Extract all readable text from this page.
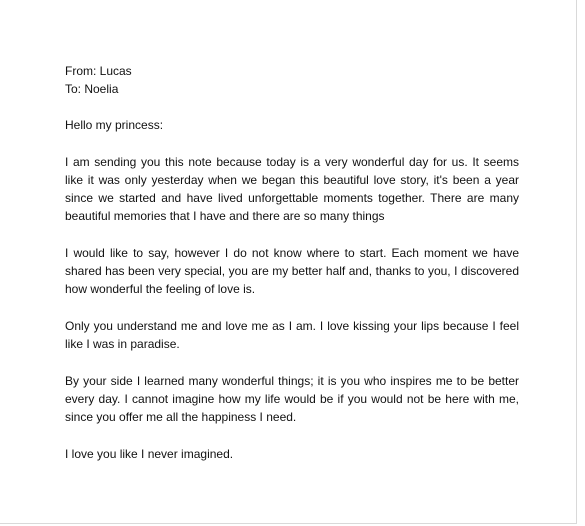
From: Lucas
To: Noelia
Hello my princess:

I am sending you this note because today is a very wonderful day for us. It seems like it was only yesterday when we began this beautiful love story, it's been a year since we started and have lived unforgettable moments together. There are many beautiful memories that I have and there are so many things

I would like to say, however I do not know where to start. Each moment we have shared has been very special, you are my better half and, thanks to you, I discovered how wonderful the feeling of love is.

Only you understand me and love me as I am. I love kissing your lips because I feel like I was in paradise.

By your side I learned many wonderful things; it is you who inspires me to be better every day. I cannot imagine how my life would be if you would not be here with me, since you offer me all the happiness I need.

I love you like I never imagined.
